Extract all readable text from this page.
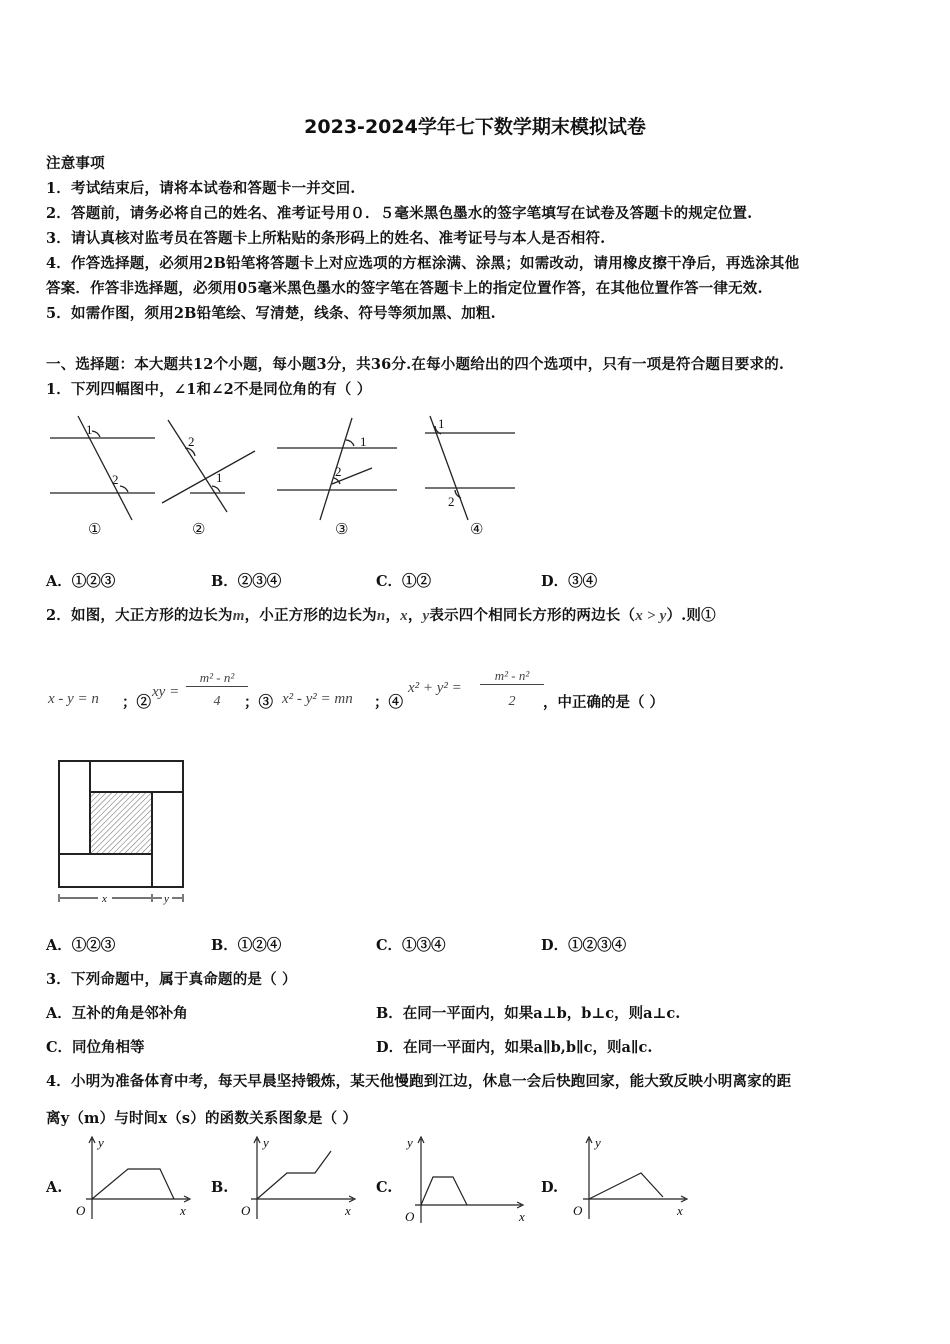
2023-2024学年七下数学期末模拟试卷
注意事项
1．考试结束后，请将本试卷和答题卡一并交回.
2．答题前，请务必将自己的姓名、准考证号用０．５毫米黑色墨水的签字笔填写在试卷及答题卡的规定位置.
3．请认真核对监考员在答题卡上所粘贴的条形码上的姓名、准考证号与本人是否相符.
4．作答选择题，必须用2B铅笔将答题卡上对应选项的方框涂满、涂黑；如需改动，请用橡皮擦干净后，再选涂其他
答案．作答非选择题，必须用05毫米黑色墨水的签字笔在答题卡上的指定位置作答，在其他位置作答一律无效.
5．如需作图，须用2B铅笔绘、写清楚，线条、符号等须加黑、加粗.
一、选择题：本大题共12个小题，每小题3分，共36分.在每小题给出的四个选项中，只有一项是符合题目要求的.
1．下列四幅图中，∠1和∠2不是同位角的有（ ）
1
2
2
1
1
2
1
2
①	②	③	④
A．①②③	B．②③④	C．①②	D．③④
2．如图，大正方形的边长为m，小正方形的边长为n，x，y表示四个相同长方形的两边长（x > y）.则①
x - y = n ；②
xy =
m² - n²
4	；③ x² - y² = mn ；④
x² + y² =
m² - n²
2	，中正确的是（ ）
x	y
A．①②③	B．①②④	C．①③④	D．①②③④
3．下列命题中，属于真命题的是（ ）
A．互补的角是邻补角	B．在同一平面内，如果a⊥b，b⊥c，则a⊥c.
C．同位角相等	D．在同一平面内，如果a∥b,b∥c，则a∥c.
4．小明为准备体育中考，每天早晨坚持锻炼，某天他慢跑到江边，休息一会后快跑回家，能大致反映小明离家的距
离y（m）与时间x（s）的函数关系图象是（ ）
A.	B.	C.	D.
y
x
O
y
x
O
y
x
O
y
x
O
